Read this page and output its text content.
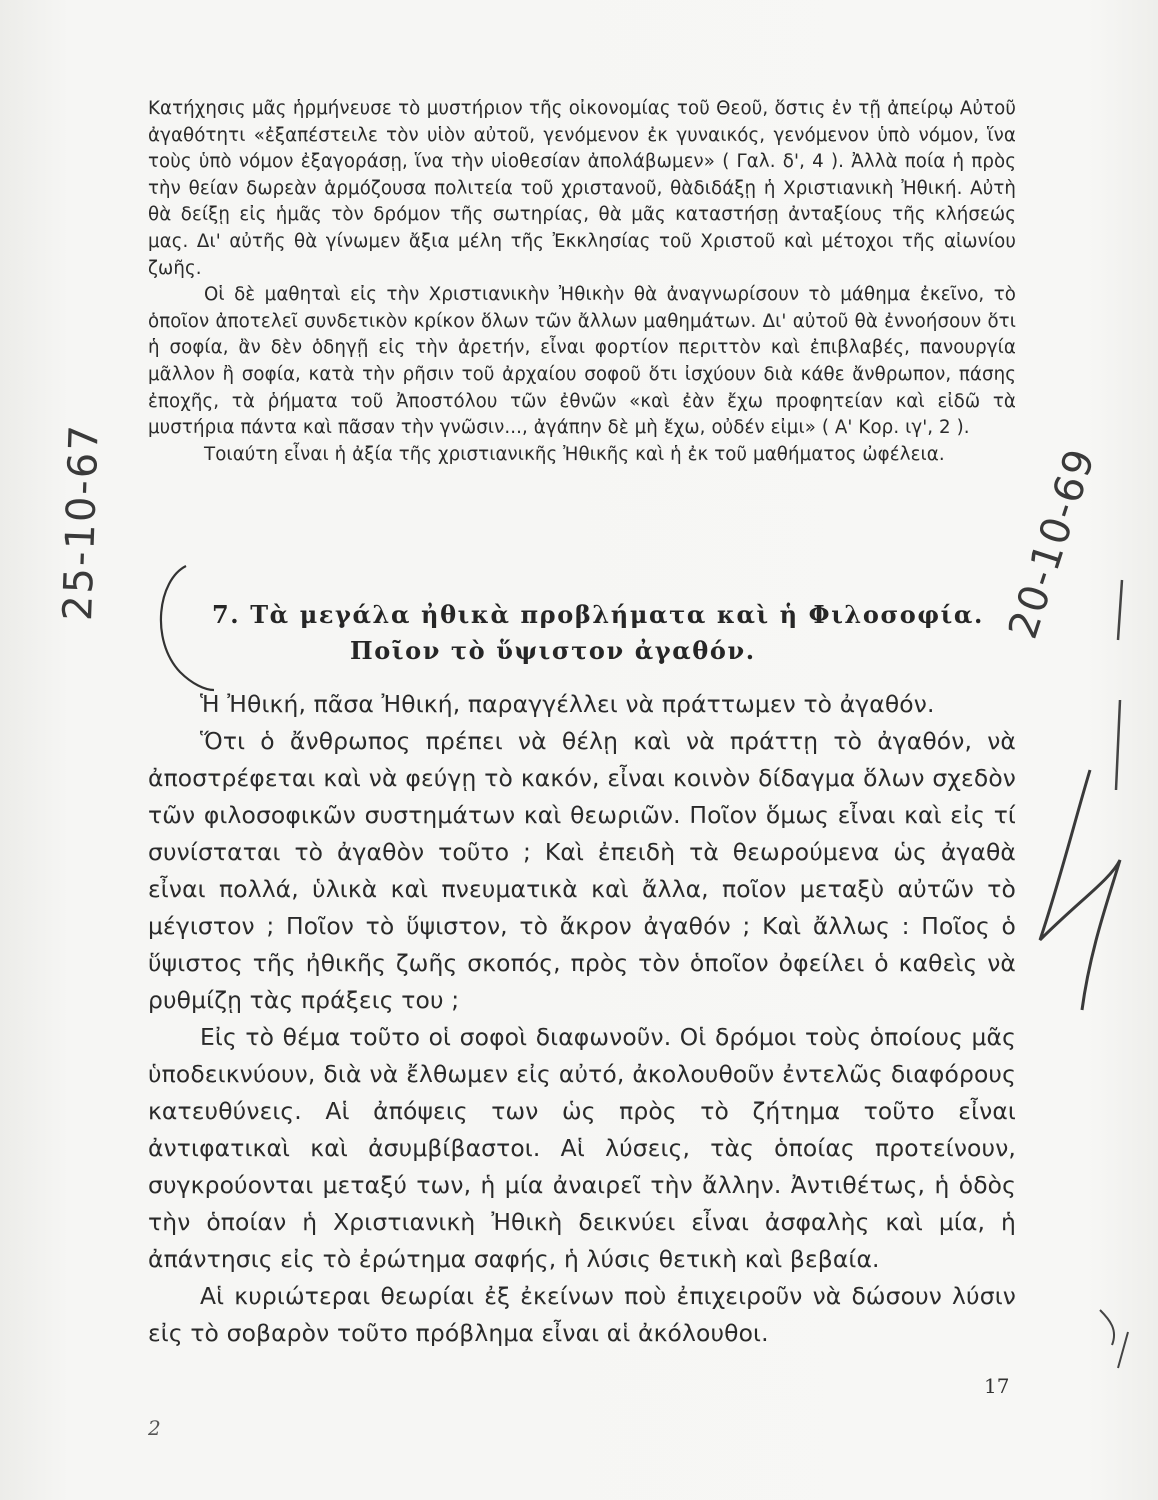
Κατήχησις μᾶς ἡρμήνευσε τὸ μυστήριον τῆς οἰκονομίας τοῦ Θεοῦ, ὅστις ἐν τῇ ἀπείρῳ Αὐτοῦ ἀγαθότητι «ἐξαπέστειλε τὸν υἱὸν αὐτοῦ, γενόμενον ἐκ γυναικός, γενόμενον ὑπὸ νόμον, ἵνα τοὺς ὑπὸ νόμον ἐξαγοράσῃ, ἵνα τὴν υἱοθεσίαν ἀπολάβωμεν» ( Γαλ. δ', 4 ). Ἀλλὰ ποία ἡ πρὸς τὴν θείαν δωρεὰν ἁρμόζουσα πολιτεία τοῦ χριστανοῦ, θὰδιδάξῃ ἡ Χριστιανικὴ Ἠθική. Αὐτὴ θὰ δείξῃ εἰς ἡμᾶς τὸν δρόμον τῆς σωτηρίας, θὰ μᾶς καταστήσῃ ἀνταξίους τῆς κλήσεώς μας. Δι' αὐτῆς θὰ γίνωμεν ἄξια μέλη τῆς Ἐκκλησίας τοῦ Χριστοῦ καὶ μέτοχοι τῆς αἰωνίου ζωῆς.

Οἱ δὲ μαθηταὶ εἰς τὴν Χριστιανικὴν Ἠθικὴν θὰ ἀναγνωρίσουν τὸ μάθημα ἐκεῖνο, τὸ ὁποῖον ἀποτελεῖ συνδετικὸν κρίκον ὅλων τῶν ἄλλων μαθημάτων. Δι' αὐτοῦ θὰ ἐννοήσουν ὅτι ἡ σοφία, ἂν δὲν ὁδηγῇ εἰς τὴν ἀρετήν, εἶναι φορτίον περιττὸν καὶ ἐπιβλαβές, πανουργία μᾶλλον ἢ σοφία, κατὰ τὴν ρῆσιν τοῦ ἀρχαίου σοφοῦ ὅτι ἰσχύουν διὰ κάθε ἄνθρωπον, πάσης ἐποχῆς, τὰ ῥήματα τοῦ Ἀποστόλου τῶν ἐθνῶν «καὶ ἐὰν ἔχω προφητείαν καὶ εἰδῶ τὰ μυστήρια πάντα καὶ πᾶσαν τὴν γνῶσιν..., ἀγάπην δὲ μὴ ἔχω, οὐδέν εἰμι» ( Α' Κορ. ιγ', 2 ).

Τοιαύτη εἶναι ἡ ἀξία τῆς χριστιανικῆς Ἠθικῆς καὶ ἡ ἐκ τοῦ μαθήματος ὠφέλεια.

7. Τὰ μεγάλα ἠθικὰ προβλήματα καὶ ἡ Φιλοσοφία.
Ποῖον τὸ ὕψιστον ἀγαθόν.

Ἡ Ἠθική, πᾶσα Ἠθική, παραγγέλλει νὰ πράττωμεν τὸ ἀγαθόν.

Ὅτι ὁ ἄνθρωπος πρέπει νὰ θέλῃ καὶ νὰ πράττῃ τὸ ἀγαθόν, νὰ ἀποστρέφεται καὶ νὰ φεύγῃ τὸ κακόν, εἶναι κοινὸν δίδαγμα ὅλων σχεδὸν τῶν φιλοσοφικῶν συστημάτων καὶ θεωριῶν. Ποῖον ὅμως εἶναι καὶ εἰς τί συνίσταται τὸ ἀγαθὸν τοῦτο ; Καὶ ἐπειδὴ τὰ θεωρούμενα ὡς ἀγαθὰ εἶναι πολλά, ὑλικὰ καὶ πνευματικὰ καὶ ἄλλα, ποῖον μεταξὺ αὐτῶν τὸ μέγιστον ; Ποῖον τὸ ὕψιστον, τὸ ἄκρον ἀγαθόν ; Καὶ ἄλλως : Ποῖος ὁ ὕψιστος τῆς ἠθικῆς ζωῆς σκοπός, πρὸς τὸν ὁποῖον ὀφείλει ὁ καθεὶς νὰ ρυθμίζῃ τὰς πράξεις του ;

Εἰς τὸ θέμα τοῦτο οἱ σοφοὶ διαφωνοῦν. Οἱ δρόμοι τοὺς ὁποίους μᾶς ὑποδεικνύουν, διὰ νὰ ἔλθωμεν εἰς αὐτό, ἀκολουθοῦν ἐντελῶς διαφόρους κατευθύνεις. Αἱ ἀπόψεις των ὡς πρὸς τὸ ζήτημα τοῦτο εἶναι ἀντιφατικαὶ καὶ ἀσυμβίβαστοι. Αἱ λύσεις, τὰς ὁποίας προτείνουν, συγκρούονται μεταξύ των, ἡ μία ἀναιρεῖ τὴν ἄλλην. Ἀντιθέτως, ἡ ὁδὸς τὴν ὁποίαν ἡ Χριστιανικὴ Ἠθικὴ δεικνύει εἶναι ἀσφαλὴς καὶ μία, ἡ ἀπάντησις εἰς τὸ ἐρώτημα σαφής, ἡ λύσις θετικὴ καὶ βεβαία.

Αἱ κυριώτεραι θεωρίαι ἐξ ἐκείνων ποὺ ἐπιχειροῦν νὰ δώσουν λύσιν εἰς τὸ σοβαρὸν τοῦτο πρόβλημα εἶναι αἱ ἀκόλουθοι.

17
2
25-10-67	20-10-69
